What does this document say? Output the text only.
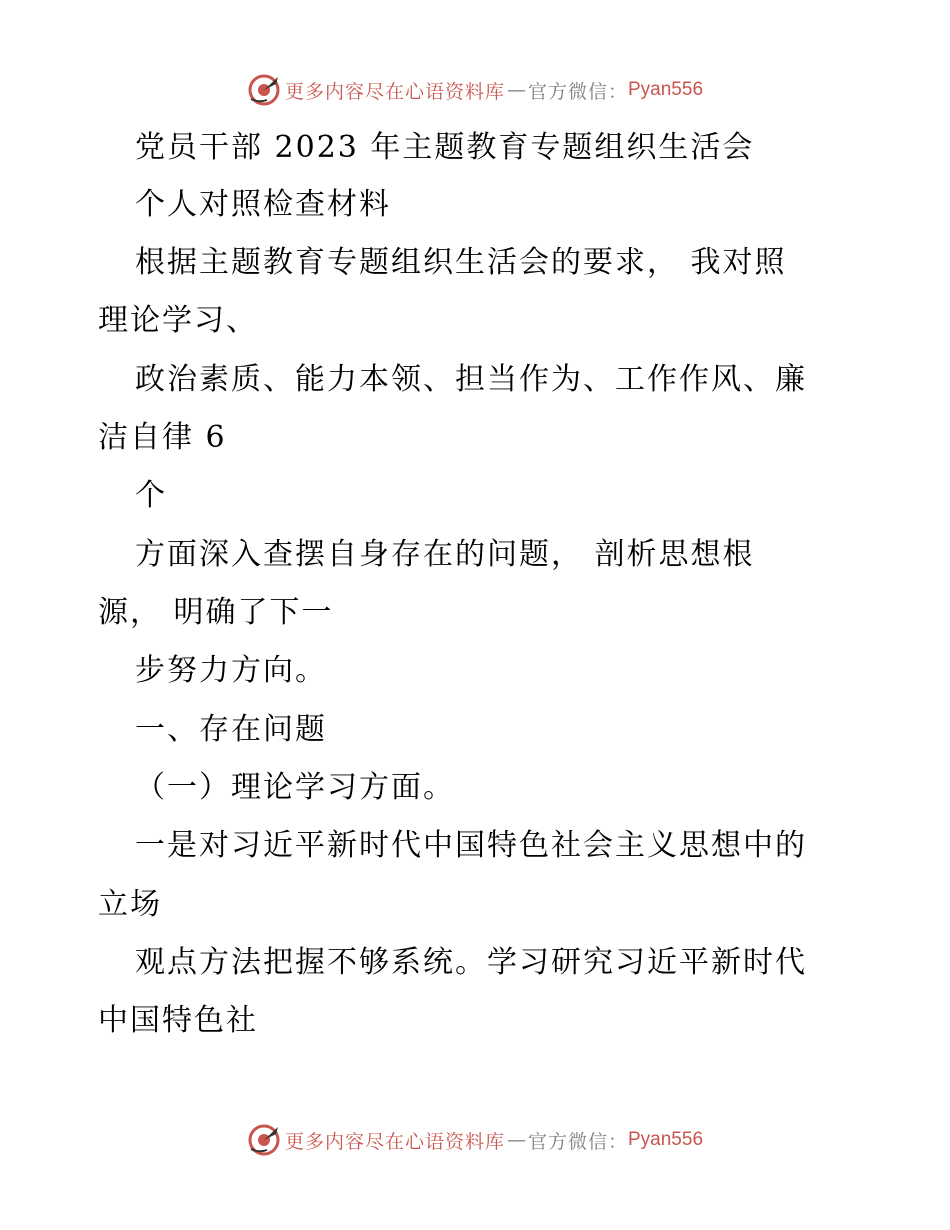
更多内容尽在心语资料库 — 官方微信： Pyan556
党员干部 2023 年主题教育专题组织生活会
个人对照检查材料
根据主题教育专题组织生活会的要求， 我对照
理论学习、
政治素质、能力本领、担当作为、工作作风、廉
洁自律 6
个
方面深入查摆自身存在的问题， 剖析思想根
源， 明确了下一
步努力方向。
一、存在问题
（一）理论学习方面。
一是对习近平新时代中国特色社会主义思想中的
立场
观点方法把握不够系统。学习研究习近平新时代
中国特色社
更多内容尽在心语资料库 — 官方微信： Pyan556
